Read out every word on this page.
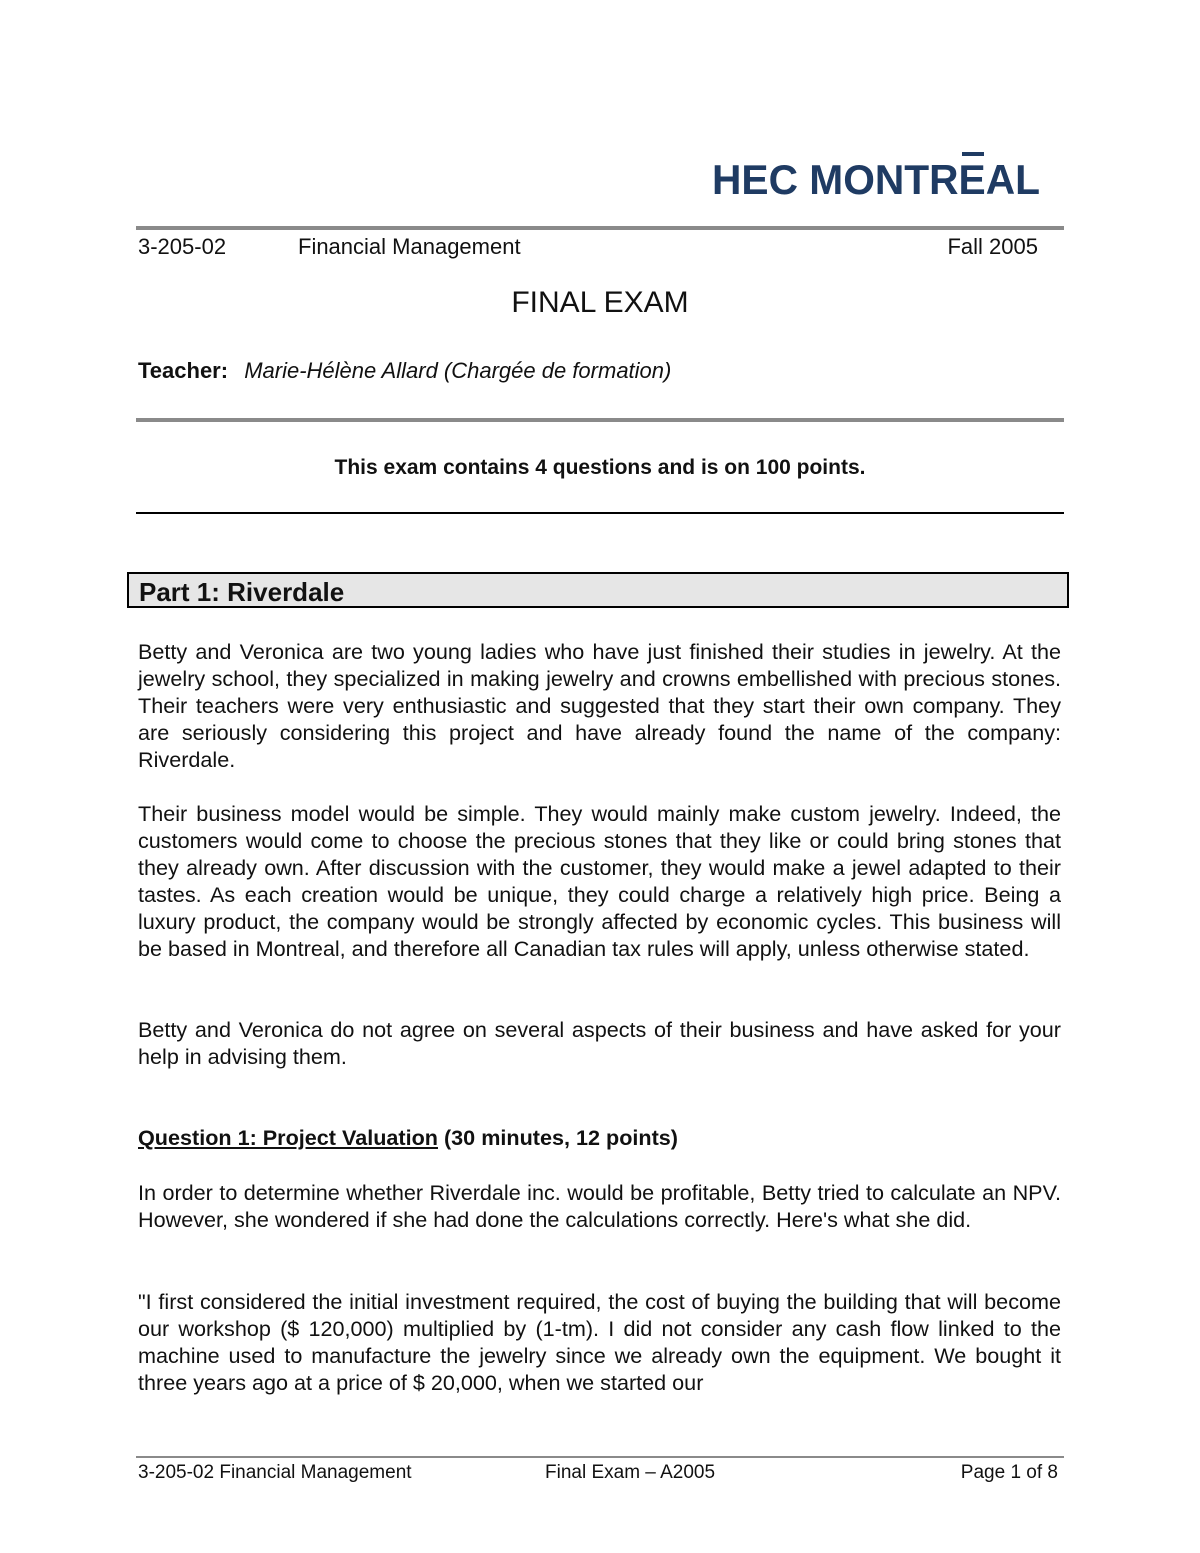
HEC MONTREAL
3-205-02	Financial Management	Fall 2005
FINAL EXAM
Teacher: Marie-Hélène Allard (Chargée de formation)
This exam contains 4 questions and is on 100 points.
Part 1: Riverdale
Betty and Veronica are two young ladies who have just finished their studies in jewelry. At the jewelry school, they specialized in making jewelry and crowns embellished with precious stones. Their teachers were very enthusiastic and suggested that they start their own company. They are seriously considering this project and have already found the name of the company: Riverdale.
Their business model would be simple. They would mainly make custom jewelry. Indeed, the customers would come to choose the precious stones that they like or could bring stones that they already own. After discussion with the customer, they would make a jewel adapted to their tastes. As each creation would be unique, they could charge a relatively high price. Being a luxury product, the company would be strongly affected by economic cycles. This business will be based in Montreal, and therefore all Canadian tax rules will apply, unless otherwise stated.
Betty and Veronica do not agree on several aspects of their business and have asked for your help in advising them.
Question 1: Project Valuation (30 minutes, 12 points)
In order to determine whether Riverdale inc. would be profitable, Betty tried to calculate an NPV. However, she wondered if she had done the calculations correctly. Here's what she did.
"I first considered the initial investment required, the cost of buying the building that will become our workshop ($ 120,000) multiplied by (1-tm). I did not consider any cash flow linked to the machine used to manufacture the jewelry since we already own the equipment. We bought it three years ago at a price of $ 20,000, when we started our
3-205-02 Financial Management	Final Exam – A2005	Page 1 of 8
